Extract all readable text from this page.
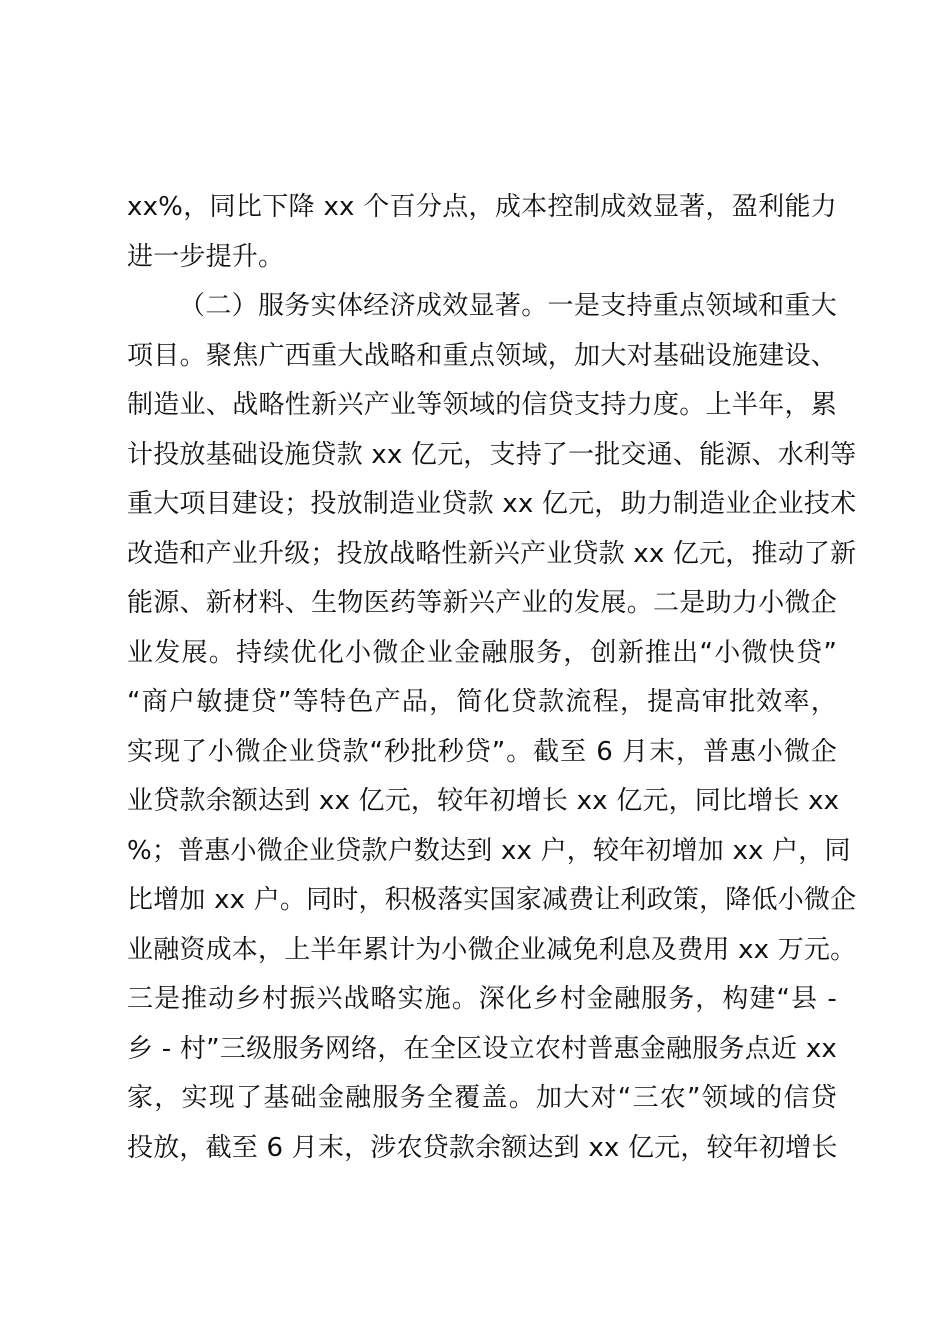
xx%，同比下降 xx 个百分点，成本控制成效显著，盈利能力
进一步提升。
（二）服务实体经济成效显著。一是支持重点领域和重大
项目。聚焦广西重大战略和重点领域，加大对基础设施建设、
制造业、战略性新兴产业等领域的信贷支持力度。上半年，累
计投放基础设施贷款 xx 亿元，支持了一批交通、能源、水利等
重大项目建设；投放制造业贷款 xx 亿元，助力制造业企业技术
改造和产业升级；投放战略性新兴产业贷款 xx 亿元，推动了新
能源、新材料、生物医药等新兴产业的发展。二是助力小微企
业发展。持续优化小微企业金融服务，创新推出“小微快贷”
“商户敏捷贷”等特色产品，简化贷款流程，提高审批效率，
实现了小微企业贷款“秒批秒贷”。截至 6 月末，普惠小微企
业贷款余额达到 xx 亿元，较年初增长 xx 亿元，同比增长 xx
%；普惠小微企业贷款户数达到 xx 户，较年初增加 xx 户，同
比增加 xx 户。同时，积极落实国家减费让利政策，降低小微企
业融资成本，上半年累计为小微企业减免利息及费用 xx 万元。
三是推动乡村振兴战略实施。深化乡村金融服务，构建“县 -
乡 - 村”三级服务网络，在全区设立农村普惠金融服务点近 xx
家，实现了基础金融服务全覆盖。加大对“三农”领域的信贷
投放，截至 6 月末，涉农贷款余额达到 xx 亿元，较年初增长
